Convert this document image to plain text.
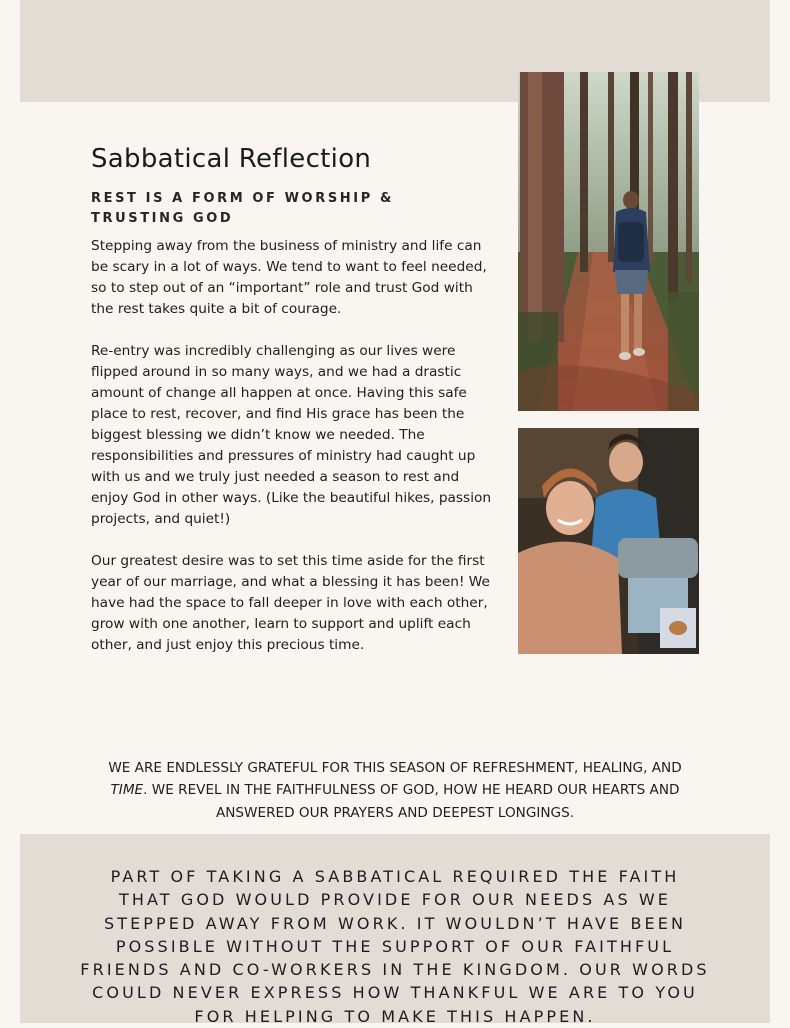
Sabbatical Reflection
REST IS A FORM OF WORSHIP & TRUSTING GOD

Stepping away from the business of ministry and life can be scary in a lot of ways. We tend to want to feel needed, so to step out of an “important” role and trust God with the rest takes quite a bit of courage.

Re-entry was incredibly challenging as our lives were flipped around in so many ways, and we had a drastic amount of change all happen at once. Having this safe place to rest, recover, and find His grace has been the biggest blessing we didn’t know we needed. The responsibilities and pressures of ministry had caught up with us and we truly just needed a season to rest and enjoy God in other ways. (Like the beautiful hikes, passion projects, and quiet!)

Our greatest desire was to set this time aside for the first year of our marriage, and what a blessing it has been! We have had the space to fall deeper in love with each other, grow with one another, learn to support and uplift each other, and just enjoy this precious time.

WE ARE ENDLESSLY GRATEFUL FOR THIS SEASON OF REFRESHMENT, HEALING, AND TIME. WE REVEL IN THE FAITHFULNESS OF GOD, HOW HE HEARD OUR HEARTS AND ANSWERED OUR PRAYERS AND DEEPEST LONGINGS.

PART OF TAKING A SABBATICAL REQUIRED THE FAITH THAT GOD WOULD PROVIDE FOR OUR NEEDS AS WE STEPPED AWAY FROM WORK. IT WOULDN’T HAVE BEEN POSSIBLE WITHOUT THE SUPPORT OF OUR FAITHFUL FRIENDS AND CO-WORKERS IN THE KINGDOM. OUR WORDS COULD NEVER EXPRESS HOW THANKFUL WE ARE TO YOU FOR HELPING TO MAKE THIS HAPPEN.
